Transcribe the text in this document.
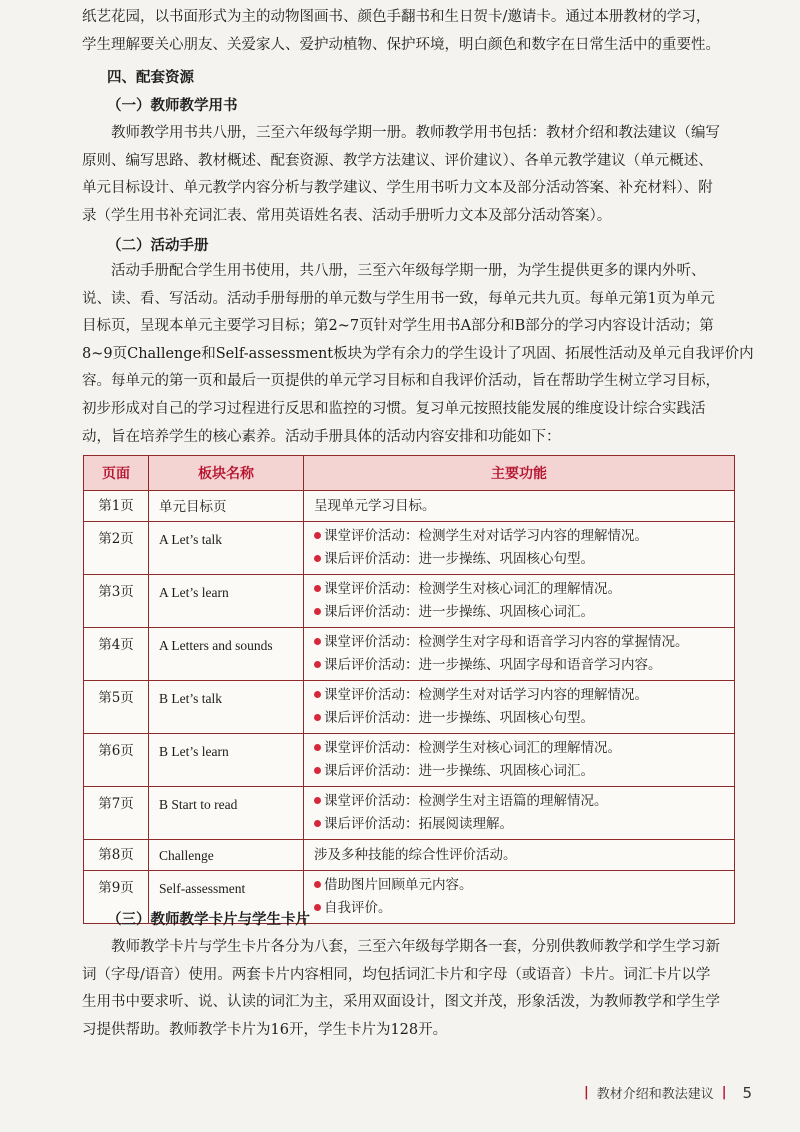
纸艺花园，以书面形式为主的动物图画书、颜色手翻书和生日贺卡/邀请卡。通过本册教材的学习，
学生理解要关心朋友、关爱家人、爱护动植物、保护环境，明白颜色和数字在日常生活中的重要性。

四、配套资源
（一）教师教学用书

教师教学用书共八册，三至六年级每学期一册。教师教学用书包括：教材介绍和教法建议（编写
原则、编写思路、教材概述、配套资源、教学方法建议、评价建议）、各单元教学建议（单元概述、
单元目标设计、单元教学内容分析与教学建议、学生用书听力文本及部分活动答案、补充材料）、附
录（学生用书补充词汇表、常用英语姓名表、活动手册听力文本及部分活动答案）。

（二）活动手册

活动手册配合学生用书使用，共八册，三至六年级每学期一册，为学生提供更多的课内外听、
说、读、看、写活动。活动手册每册的单元数与学生用书一致，每单元共九页。每单元第1页为单元
目标页，呈现本单元主要学习目标；第2~7页针对学生用书A部分和B部分的学习内容设计活动；第
8~9页Challenge和Self-assessment板块为学有余力的学生设计了巩固、拓展性活动及单元自我评价内
容。每单元的第一页和最后一页提供的单元学习目标和自我评价活动，旨在帮助学生树立学习目标，
初步形成对自己的学习过程进行反思和监控的习惯。复习单元按照技能发展的维度设计综合实践活
动，旨在培养学生的核心素养。活动手册具体的活动内容安排和功能如下：

页面	板块名称	主要功能
第1页	单元目标页	呈现单元学习目标。

第2页	A Let’s talk	课堂评价活动：检测学生对对话学习内容的理解情况。
课后评价活动：进一步操练、巩固核心句型。

第3页	A Let’s learn	课堂评价活动：检测学生对核心词汇的理解情况。
课后评价活动：进一步操练、巩固核心词汇。

第4页	A Letters and sounds	课堂评价活动：检测学生对字母和语音学习内容的掌握情况。
课后评价活动：进一步操练、巩固字母和语音学习内容。

第5页	B Let’s talk	课堂评价活动：检测学生对对话学习内容的理解情况。
课后评价活动：进一步操练、巩固核心句型。

第6页	B Let’s learn	课堂评价活动：检测学生对核心词汇的理解情况。
课后评价活动：进一步操练、巩固核心词汇。

第7页	B Start to read	课堂评价活动：检测学生对主语篇的理解情况。
课后评价活动：拓展阅读理解。

第8页	Challenge	涉及多种技能的综合性评价活动。

第9页	Self-assessment	借助图片回顾单元内容。
自我评价。
（三）教师教学卡片与学生卡片

教师教学卡片与学生卡片各分为八套，三至六年级每学期各一套，分别供教师教学和学生学习新
词（字母/语音）使用。两套卡片内容相同，均包括词汇卡片和字母（或语音）卡片。词汇卡片以学
生用书中要求听、说、认读的词汇为主，采用双面设计，图文并茂，形象活泼，为教师教学和学生学
习提供帮助。教师教学卡片为16开，学生卡片为128开。

| 教材介绍和教法建议 | 5
